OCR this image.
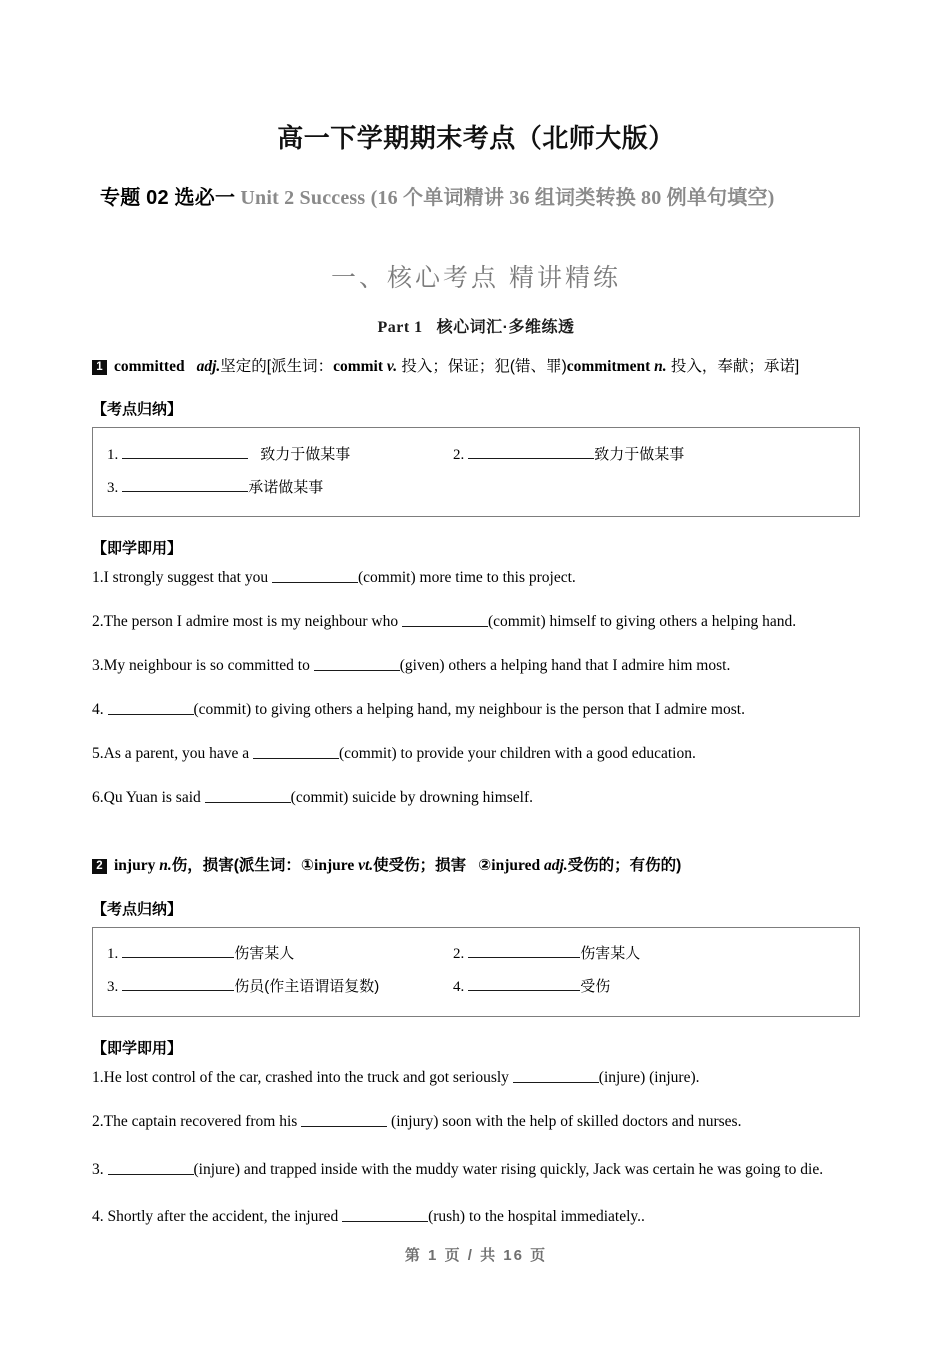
高一下学期期末考点（北师大版）
专题 02 选必一 Unit 2 Success (16 个单词精讲 36 组词类转换 80 例单句填空)
一、核心考点 精讲精练
Part 1 核心词汇·多维练透
1 committed adj.坚定的[派生词：commit v. 投入；保证；犯(错、罪)commitment n. 投入，奉献；承诺]
【考点归纳】
1.	致力于做某事	2.	致力于做某事
3.	承诺做某事
【即学即用】

1.I strongly suggest that you	(commit) more time to this project.

2.The person I admire most is my neighbour who	(commit) himself to giving others a helping hand.

3.My neighbour is so committed to	(given) others a helping hand that I admire him most.

4.	(commit) to giving others a helping hand, my neighbour is the person that I admire most.

5.As a parent, you have a	(commit) to provide your children with a good education.

6.Qu Yuan is said	(commit) suicide by drowning himself.

2 injury n.伤，损害(派生词：①injure vt.使受伤；损害 ②injured adj.受伤的；有伤的)
【考点归纳】
1.	伤害某人	2.	伤害某人
3.	伤员(作主语谓语复数)	4.	受伤
【即学即用】

1.He lost control of the car, crashed into the truck and got seriously	(injure) (injure).

2.The captain recovered from his	(injury) soon with the help of skilled doctors and nurses.

3.	(injure) and trapped inside with the muddy water rising quickly, Jack was certain he was going to die.

4. Shortly after the accident, the injured	(rush) to the hospital immediately..

第 1 页 / 共 16 页
